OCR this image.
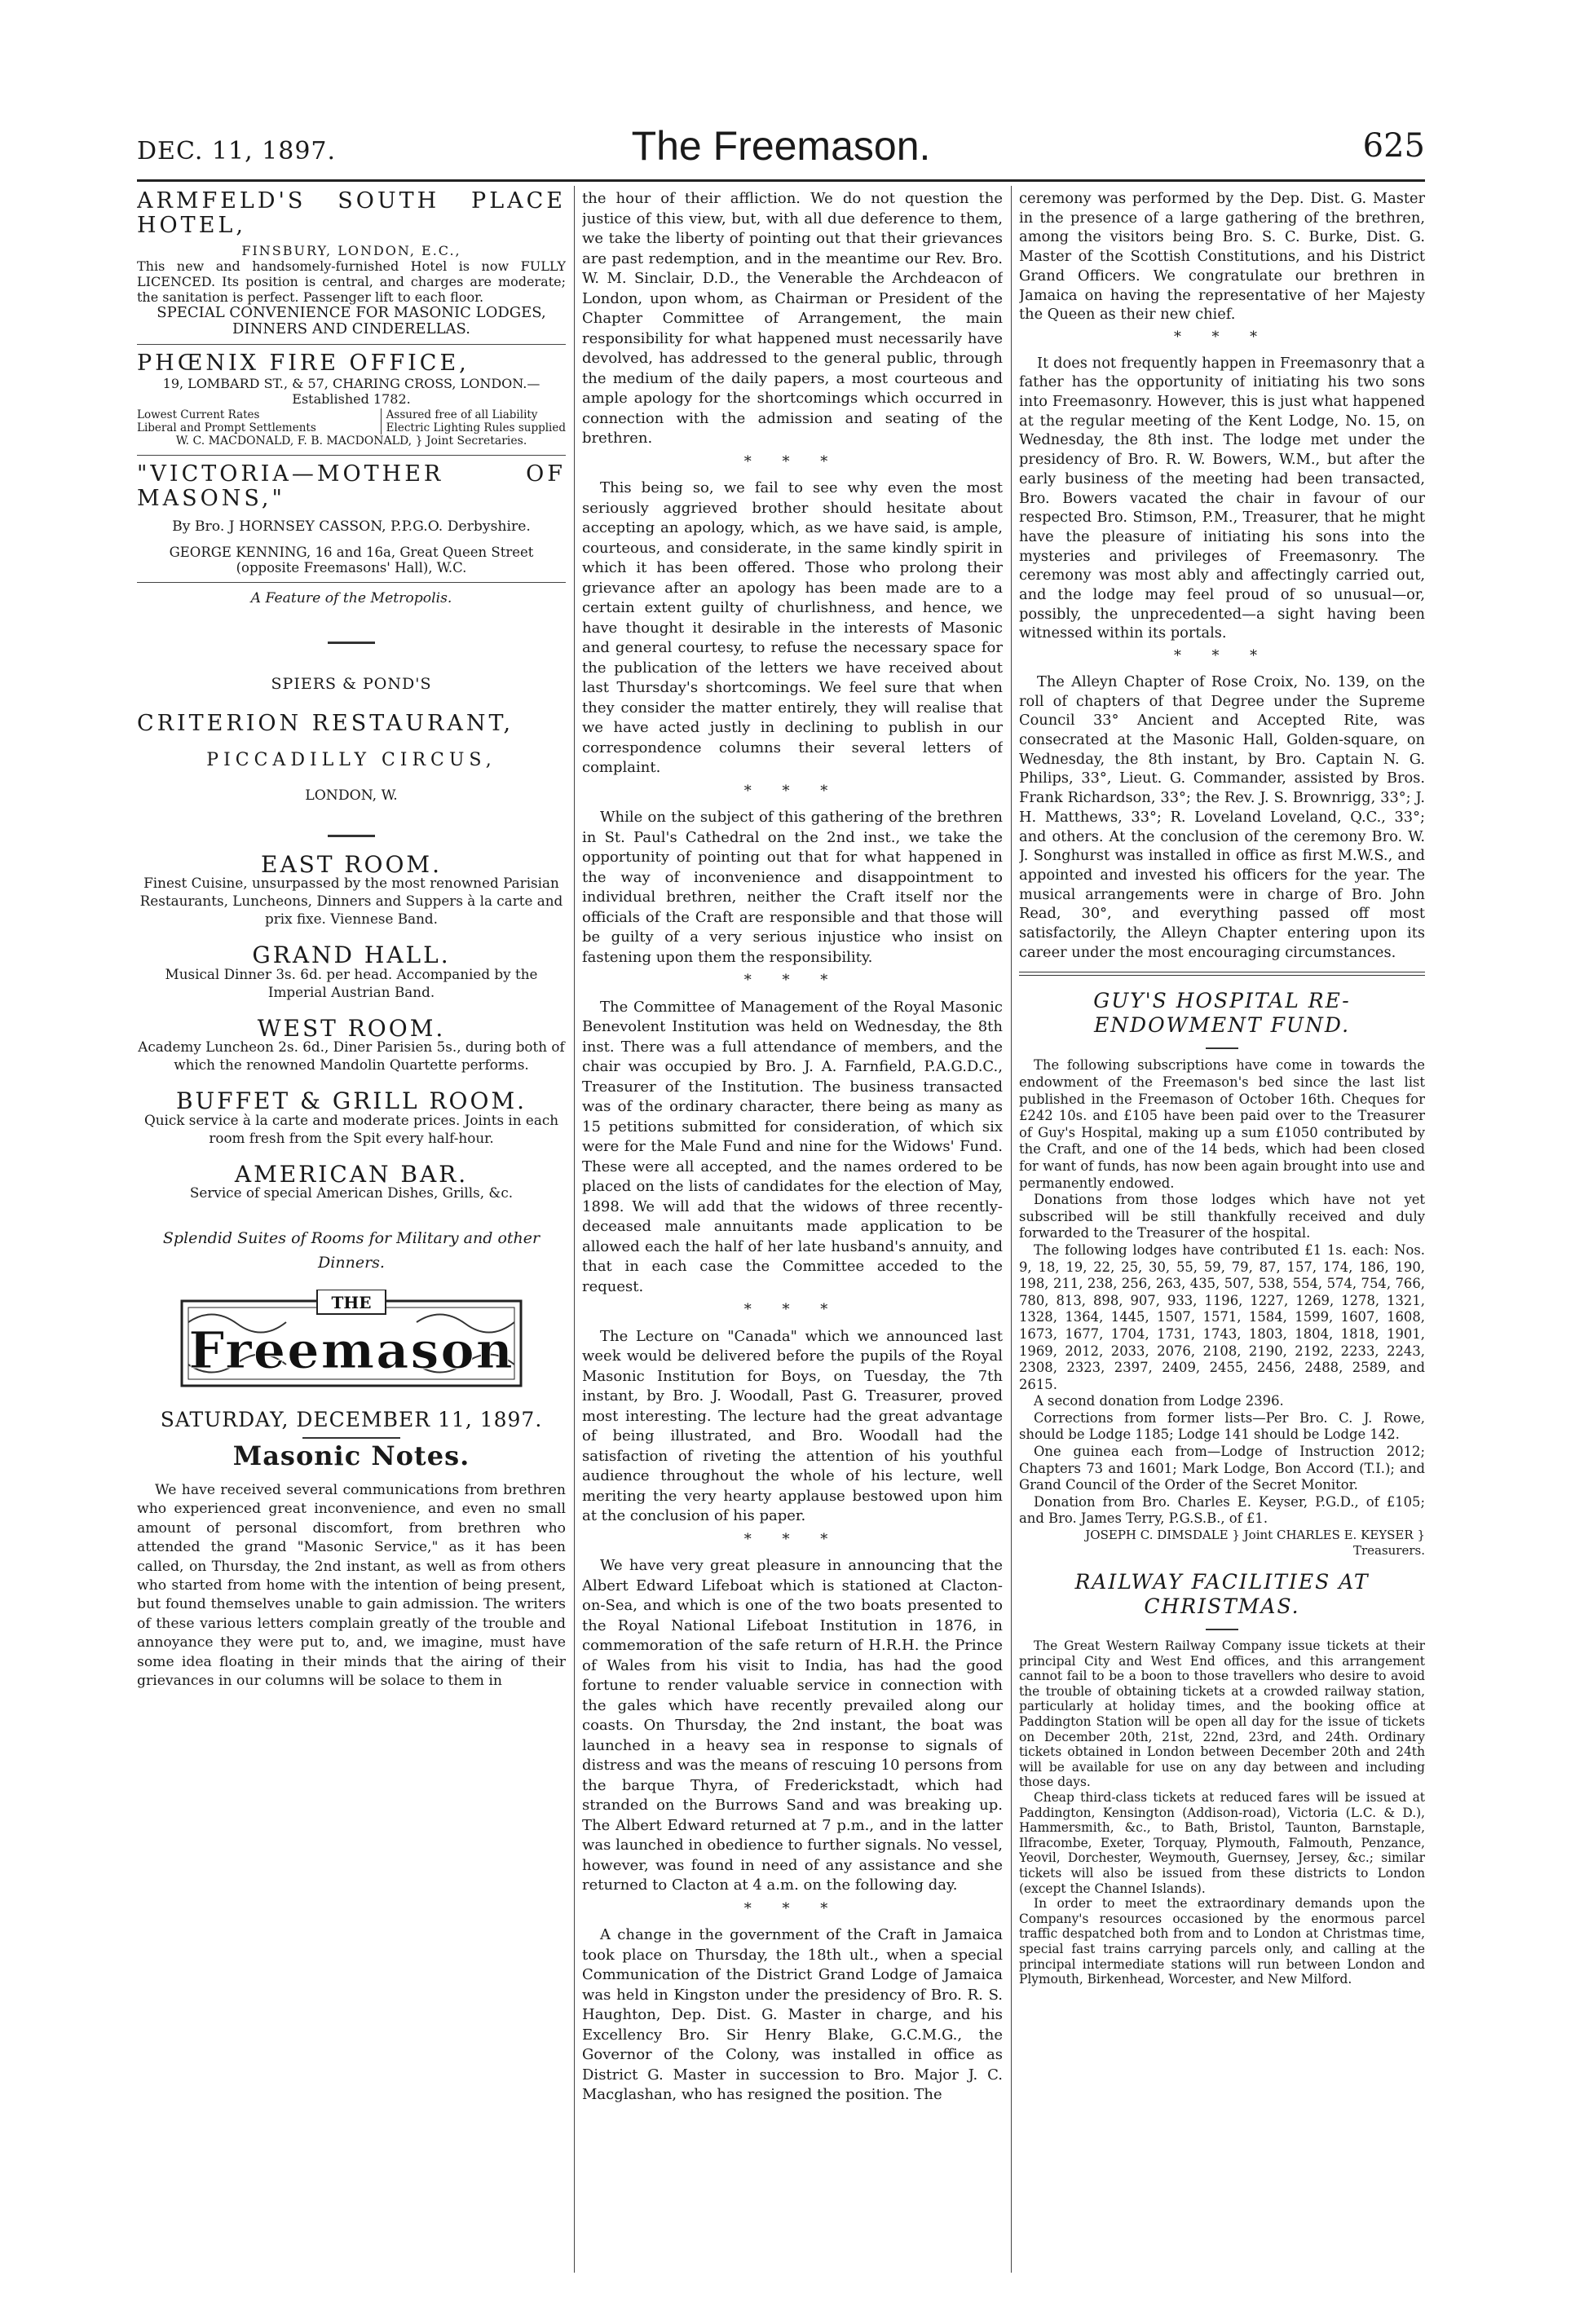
DEC. 11, 1897.	The Freemason.	625

ARMFELD'S SOUTH PLACE HOTEL,

FINSBURY, LONDON, E.C.,

This new and handsomely-furnished Hotel is now FULLY LICENCED. Its position is central, and charges are moderate; the sanitation is perfect. Passenger lift to each floor.

SPECIAL CONVENIENCE FOR MASONIC LODGES, DINNERS AND CINDERELLAS.

PHŒNIX FIRE OFFICE,

19, LOMBARD ST., & 57, CHARING CROSS, LONDON.—Established 1782.

Lowest Current Rates
Liberal and Prompt Settlements
Assured free of all Liability
Electric Lighting Rules supplied

W. C. MACDONALD, F. B. MACDONALD, } Joint Secretaries.

"VICTORIA—MOTHER OF MASONS,"

By Bro. J HORNSEY CASSON, P.P.G.O. Derbyshire.

GEORGE KENNING, 16 and 16a, Great Queen Street (opposite Freemasons' Hall), W.C.

A Feature of the Metropolis.

SPIERS & POND'S

CRITERION RESTAURANT,

PICCADILLY CIRCUS,

LONDON, W.

EAST ROOM.

Finest Cuisine, unsurpassed by the most renowned Parisian Restaurants, Luncheons, Dinners and Suppers à la carte and prix fixe. Viennese Band.

GRAND HALL.

Musical Dinner 3s. 6d. per head. Accompanied by the Imperial Austrian Band.

WEST ROOM.

Academy Luncheon 2s. 6d., Diner Parisien 5s., during both of which the renowned Mandolin Quartette performs.

BUFFET & GRILL ROOM.

Quick service à la carte and moderate prices. Joints in each room fresh from the Spit every half-hour.

AMERICAN BAR.

Service of special American Dishes, Grills, &c.

Splendid Suites of Rooms for Military and other Dinners.

THE
Freemason

SATURDAY, DECEMBER 11, 1897.

Masonic Notes.

We have received several communications from brethren who experienced great inconvenience, and even no small amount of personal discomfort, from brethren who attended the grand "Masonic Service," as it has been called, on Thursday, the 2nd instant, as well as from others who started from home with the intention of being present, but found themselves unable to gain admission. The writers of these various letters complain greatly of the trouble and annoyance they were put to, and, we imagine, must have some idea floating in their minds that the airing of their grievances in our columns will be solace to them in

the hour of their affliction. We do not question the justice of this view, but, with all due deference to them, we take the liberty of pointing out that their grievances are past redemption, and in the meantime our Rev. Bro. W. M. Sinclair, D.D., the Venerable the Archdeacon of London, upon whom, as Chairman or President of the Chapter Committee of Arrangement, the main responsibility for what happened must necessarily have devolved, has addressed to the general public, through the medium of the daily papers, a most courteous and ample apology for the shortcomings which occurred in connection with the admission and seating of the brethren.

* * *

This being so, we fail to see why even the most seriously aggrieved brother should hesitate about accepting an apology, which, as we have said, is ample, courteous, and considerate, in the same kindly spirit in which it has been offered. Those who prolong their grievance after an apology has been made are to a certain extent guilty of churlishness, and hence, we have thought it desirable in the interests of Masonic and general courtesy, to refuse the necessary space for the publication of the letters we have received about last Thursday's shortcomings. We feel sure that when they consider the matter entirely, they will realise that we have acted justly in declining to publish in our correspondence columns their several letters of complaint.

* * *

While on the subject of this gathering of the brethren in St. Paul's Cathedral on the 2nd inst., we take the opportunity of pointing out that for what happened in the way of inconvenience and disappointment to individual brethren, neither the Craft itself nor the officials of the Craft are responsible and that those will be guilty of a very serious injustice who insist on fastening upon them the responsibility.

* * *

The Committee of Management of the Royal Masonic Benevolent Institution was held on Wednesday, the 8th inst. There was a full attendance of members, and the chair was occupied by Bro. J. A. Farnfield, P.A.G.D.C., Treasurer of the Institution. The business transacted was of the ordinary character, there being as many as 15 petitions submitted for consideration, of which six were for the Male Fund and nine for the Widows' Fund. These were all accepted, and the names ordered to be placed on the lists of candidates for the election of May, 1898. We will add that the widows of three recently-deceased male annuitants made application to be allowed each the half of her late husband's annuity, and that in each case the Committee acceded to the request.

* * *

The Lecture on "Canada" which we announced last week would be delivered before the pupils of the Royal Masonic Institution for Boys, on Tuesday, the 7th instant, by Bro. J. Woodall, Past G. Treasurer, proved most interesting. The lecture had the great advantage of being illustrated, and Bro. Woodall had the satisfaction of riveting the attention of his youthful audience throughout the whole of his lecture, well meriting the very hearty applause bestowed upon him at the conclusion of his paper.

* * *

We have very great pleasure in announcing that the Albert Edward Lifeboat which is stationed at Clacton-on-Sea, and which is one of the two boats presented to the Royal National Lifeboat Institution in 1876, in commemoration of the safe return of H.R.H. the Prince of Wales from his visit to India, has had the good fortune to render valuable service in connection with the gales which have recently prevailed along our coasts. On Thursday, the 2nd instant, the boat was launched in a heavy sea in response to signals of distress and was the means of rescuing 10 persons from the barque Thyra, of Frederickstadt, which had stranded on the Burrows Sand and was breaking up. The Albert Edward returned at 7 p.m., and in the latter was launched in obedience to further signals. No vessel, however, was found in need of any assistance and she returned to Clacton at 4 a.m. on the following day.

* * *

A change in the government of the Craft in Jamaica took place on Thursday, the 18th ult., when a special Communication of the District Grand Lodge of Jamaica was held in Kingston under the presidency of Bro. R. S. Haughton, Dep. Dist. G. Master in charge, and his Excellency Bro. Sir Henry Blake, G.C.M.G., the Governor of the Colony, was installed in office as District G. Master in succession to Bro. Major J. C. Macglashan, who has resigned the position. The

ceremony was performed by the Dep. Dist. G. Master in the presence of a large gathering of the brethren, among the visitors being Bro. S. C. Burke, Dist. G. Master of the Scottish Constitutions, and his District Grand Officers. We congratulate our brethren in Jamaica on having the representative of her Majesty the Queen as their new chief.

* * *

It does not frequently happen in Freemasonry that a father has the opportunity of initiating his two sons into Freemasonry. However, this is just what happened at the regular meeting of the Kent Lodge, No. 15, on Wednesday, the 8th inst. The lodge met under the presidency of Bro. R. W. Bowers, W.M., but after the early business of the meeting had been transacted, Bro. Bowers vacated the chair in favour of our respected Bro. Stimson, P.M., Treasurer, that he might have the pleasure of initiating his sons into the mysteries and privileges of Freemasonry. The ceremony was most ably and affectingly carried out, and the lodge may feel proud of so unusual—or, possibly, the unprecedented—a sight having been witnessed within its portals.

* * *

The Alleyn Chapter of Rose Croix, No. 139, on the roll of chapters of that Degree under the Supreme Council 33° Ancient and Accepted Rite, was consecrated at the Masonic Hall, Golden-square, on Wednesday, the 8th instant, by Bro. Captain N. G. Philips, 33°, Lieut. G. Commander, assisted by Bros. Frank Richardson, 33°; the Rev. J. S. Brownrigg, 33°; J. H. Matthews, 33°; R. Loveland Loveland, Q.C., 33°; and others. At the conclusion of the ceremony Bro. W. J. Songhurst was installed in office as first M.W.S., and appointed and invested his officers for the year. The musical arrangements were in charge of Bro. John Read, 30°, and everything passed off most satisfactorily, the Alleyn Chapter entering upon its career under the most encouraging circumstances.

GUY'S HOSPITAL RE-ENDOWMENT FUND.

The following subscriptions have come in towards the endowment of the Freemason's bed since the last list published in the Freemason of October 16th. Cheques for £242 10s. and £105 have been paid over to the Treasurer of Guy's Hospital, making up a sum £1050 contributed by the Craft, and one of the 14 beds, which had been closed for want of funds, has now been again brought into use and permanently endowed.

Donations from those lodges which have not yet subscribed will be still thankfully received and duly forwarded to the Treasurer of the hospital.

The following lodges have contributed £1 1s. each: Nos. 9, 18, 19, 22, 25, 30, 55, 59, 79, 87, 157, 174, 186, 190, 198, 211, 238, 256, 263, 435, 507, 538, 554, 574, 754, 766, 780, 813, 898, 907, 933, 1196, 1227, 1269, 1278, 1321, 1328, 1364, 1445, 1507, 1571, 1584, 1599, 1607, 1608, 1673, 1677, 1704, 1731, 1743, 1803, 1804, 1818, 1901, 1969, 2012, 2033, 2076, 2108, 2190, 2192, 2233, 2243, 2308, 2323, 2397, 2409, 2455, 2456, 2488, 2589, and 2615.

A second donation from Lodge 2396.

Corrections from former lists—Per Bro. C. J. Rowe, should be Lodge 1185; Lodge 141 should be Lodge 142.

One guinea each from—Lodge of Instruction 2012; Chapters 73 and 1601; Mark Lodge, Bon Accord (T.I.); and Grand Council of the Order of the Secret Monitor.

Donation from Bro. Charles E. Keyser, P.G.D., of £105; and Bro. James Terry, P.G.S.B., of £1.

JOSEPH C. DIMSDALE } Joint CHARLES E. KEYSER } Treasurers.

RAILWAY FACILITIES AT CHRISTMAS.

The Great Western Railway Company issue tickets at their principal City and West End offices, and this arrangement cannot fail to be a boon to those travellers who desire to avoid the trouble of obtaining tickets at a crowded railway station, particularly at holiday times, and the booking office at Paddington Station will be open all day for the issue of tickets on December 20th, 21st, 22nd, 23rd, and 24th. Ordinary tickets obtained in London between December 20th and 24th will be available for use on any day between and including those days.

Cheap third-class tickets at reduced fares will be issued at Paddington, Kensington (Addison-road), Victoria (L.C. & D.), Hammersmith, &c., to Bath, Bristol, Taunton, Barnstaple, Ilfracombe, Exeter, Torquay, Plymouth, Falmouth, Penzance, Yeovil, Dorchester, Weymouth, Guernsey, Jersey, &c.; similar tickets will also be issued from these districts to London (except the Channel Islands).

In order to meet the extraordinary demands upon the Company's resources occasioned by the enormous parcel traffic despatched both from and to London at Christmas time, special fast trains carrying parcels only, and calling at the principal intermediate stations will run between London and Plymouth, Birkenhead, Worcester, and New Milford.
